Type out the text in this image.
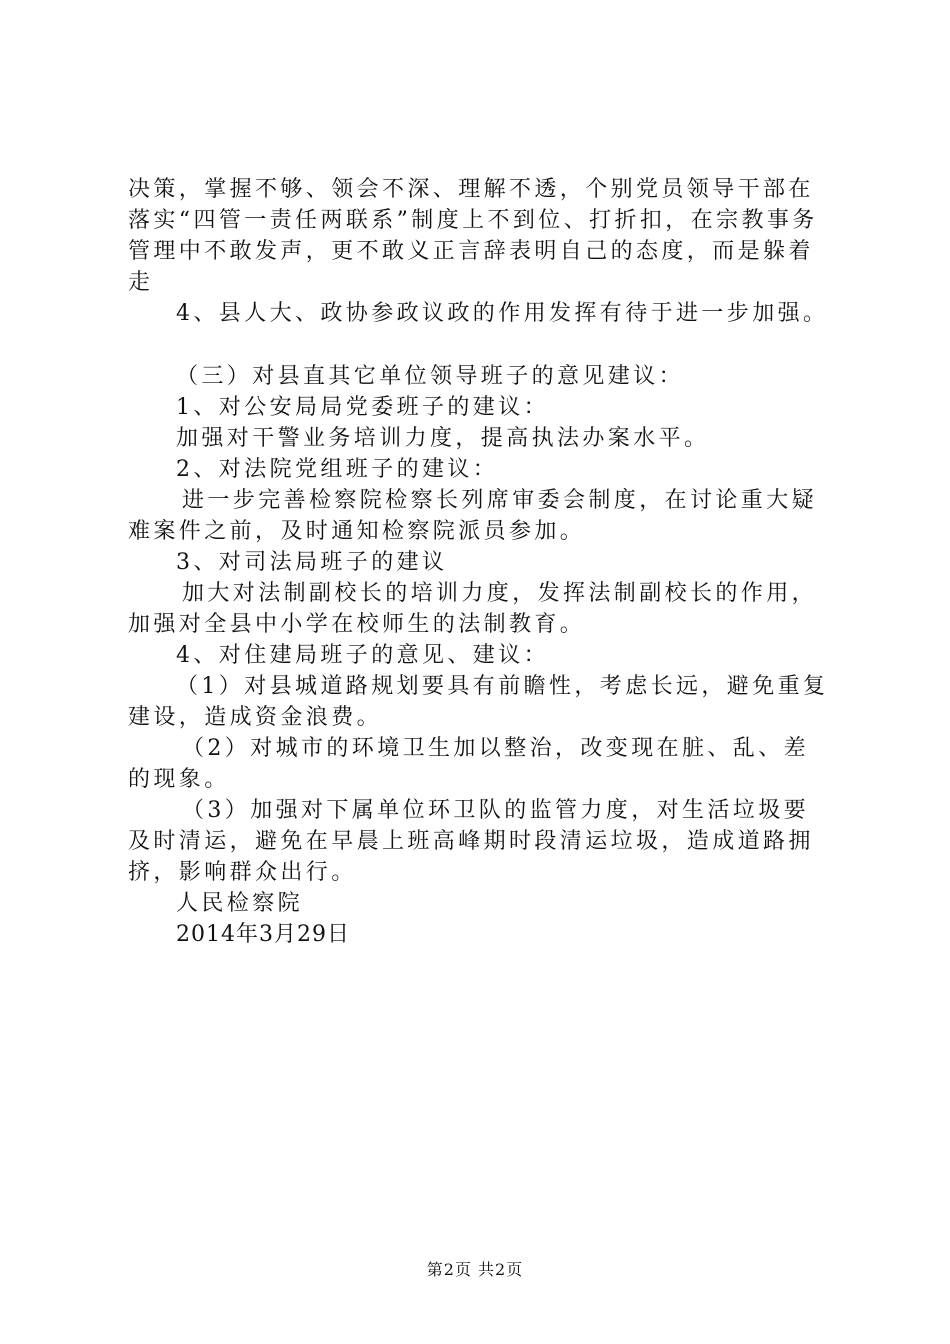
决策，掌握不够、领会不深、理解不透，个别党员领导干部在落实“四管一责任两联系”制度上不到位、打折扣，在宗教事务管理中不敢发声，更不敢义正言辞表明自己的态度，而是躲着走

4、县人大、政协参政议政的作用发挥有待于进一步加强。

（三）对县直其它单位领导班子的意见建议：

1、对公安局局党委班子的建议：

加强对干警业务培训力度，提高执法办案水平。

2、对法院党组班子的建议：

进一步完善检察院检察长列席审委会制度，在讨论重大疑难案件之前，及时通知检察院派员参加。

3、对司法局班子的建议

加大对法制副校长的培训力度，发挥法制副校长的作用，加强对全县中小学在校师生的法制教育。

4、对住建局班子的意见、建议：

（1）对县城道路规划要具有前瞻性，考虑长远，避免重复建设，造成资金浪费。

（2）对城市的环境卫生加以整治，改变现在脏、乱、差的现象。

（3）加强对下属单位环卫队的监管力度，对生活垃圾要及时清运，避免在早晨上班高峰期时段清运垃圾，造成道路拥挤，影响群众出行。

人民检察院

2014年3月29日

第2页 共2页
